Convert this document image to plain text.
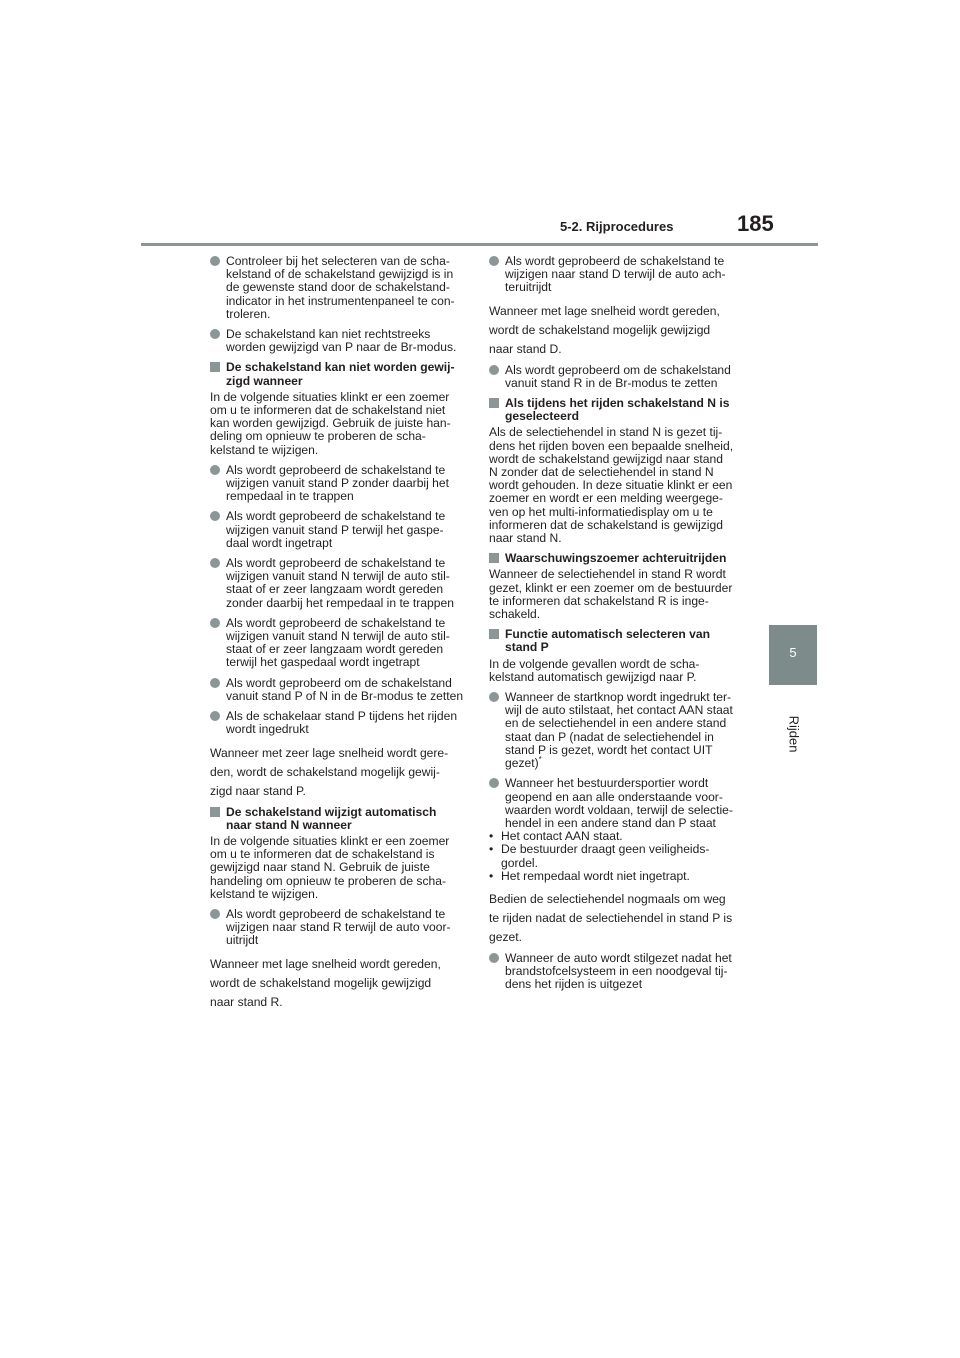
5-2. Rijprocedures	185
5
Rijden
Controleer bij het selecteren van de scha-
kelstand of de schakelstand gewijzigd is in
de gewenste stand door de schakelstand-
indicator in het instrumentenpaneel te con-
troleren.
De schakelstand kan niet rechtstreeks
worden gewijzigd van P naar de Br-modus.
De schakelstand kan niet worden gewij-
zigd wanneer
In de volgende situaties klinkt er een zoemer
om u te informeren dat de schakelstand niet
kan worden gewijzigd. Gebruik de juiste han-
deling om opnieuw te proberen de scha-
kelstand te wijzigen.
Als wordt geprobeerd de schakelstand te
wijzigen vanuit stand P zonder daarbij het
rempedaal in te trappen
Als wordt geprobeerd de schakelstand te
wijzigen vanuit stand P terwijl het gaspe-
daal wordt ingetrapt
Als wordt geprobeerd de schakelstand te
wijzigen vanuit stand N terwijl de auto stil-
staat of er zeer langzaam wordt gereden
zonder daarbij het rempedaal in te trappen
Als wordt geprobeerd de schakelstand te
wijzigen vanuit stand N terwijl de auto stil-
staat of er zeer langzaam wordt gereden
terwijl het gaspedaal wordt ingetrapt
Als wordt geprobeerd om de schakelstand
vanuit stand P of N in de Br-modus te zetten
Als de schakelaar stand P tijdens het rijden
wordt ingedrukt
Wanneer met zeer lage snelheid wordt gere-
den, wordt de schakelstand mogelijk gewij-
zigd naar stand P.
De schakelstand wijzigt automatisch
naar stand N wanneer
In de volgende situaties klinkt er een zoemer
om u te informeren dat de schakelstand is
gewijzigd naar stand N. Gebruik de juiste
handeling om opnieuw te proberen de scha-
kelstand te wijzigen.
Als wordt geprobeerd de schakelstand te
wijzigen naar stand R terwijl de auto voor-
uitrijdt
Wanneer met lage snelheid wordt gereden,
wordt de schakelstand mogelijk gewijzigd
naar stand R.
Als wordt geprobeerd de schakelstand te
wijzigen naar stand D terwijl de auto ach-
teruitrijdt
Wanneer met lage snelheid wordt gereden,
wordt de schakelstand mogelijk gewijzigd
naar stand D.
Als wordt geprobeerd om de schakelstand
vanuit stand R in de Br-modus te zetten
Als tijdens het rijden schakelstand N is
geselecteerd
Als de selectiehendel in stand N is gezet tij-
dens het rijden boven een bepaalde snelheid,
wordt de schakelstand gewijzigd naar stand
N zonder dat de selectiehendel in stand N
wordt gehouden. In deze situatie klinkt er een
zoemer en wordt er een melding weergege-
ven op het multi-informatiedisplay om u te
informeren dat de schakelstand is gewijzigd
naar stand N.
Waarschuwingszoemer achteruitrijden
Wanneer de selectiehendel in stand R wordt
gezet, klinkt er een zoemer om de bestuurder
te informeren dat schakelstand R is inge-
schakeld.
Functie automatisch selecteren van
stand P
In de volgende gevallen wordt de scha-
kelstand automatisch gewijzigd naar P.
Wanneer de startknop wordt ingedrukt ter-
wijl de auto stilstaat, het contact AAN staat
en de selectiehendel in een andere stand
staat dan P (nadat de selectiehendel in
stand P is gezet, wordt het contact UIT
gezet)*
Wanneer het bestuurdersportier wordt
geopend en aan alle onderstaande voor-
waarden wordt voldaan, terwijl de selectie-
hendel in een andere stand dan P staat
• Het contact AAN staat.
• De bestuurder draagt geen veiligheids-
gordel.
• Het rempedaal wordt niet ingetrapt.
Bedien de selectiehendel nogmaals om weg
te rijden nadat de selectiehendel in stand P is
gezet.
Wanneer de auto wordt stilgezet nadat het
brandstofcelsysteem in een noodgeval tij-
dens het rijden is uitgezet
